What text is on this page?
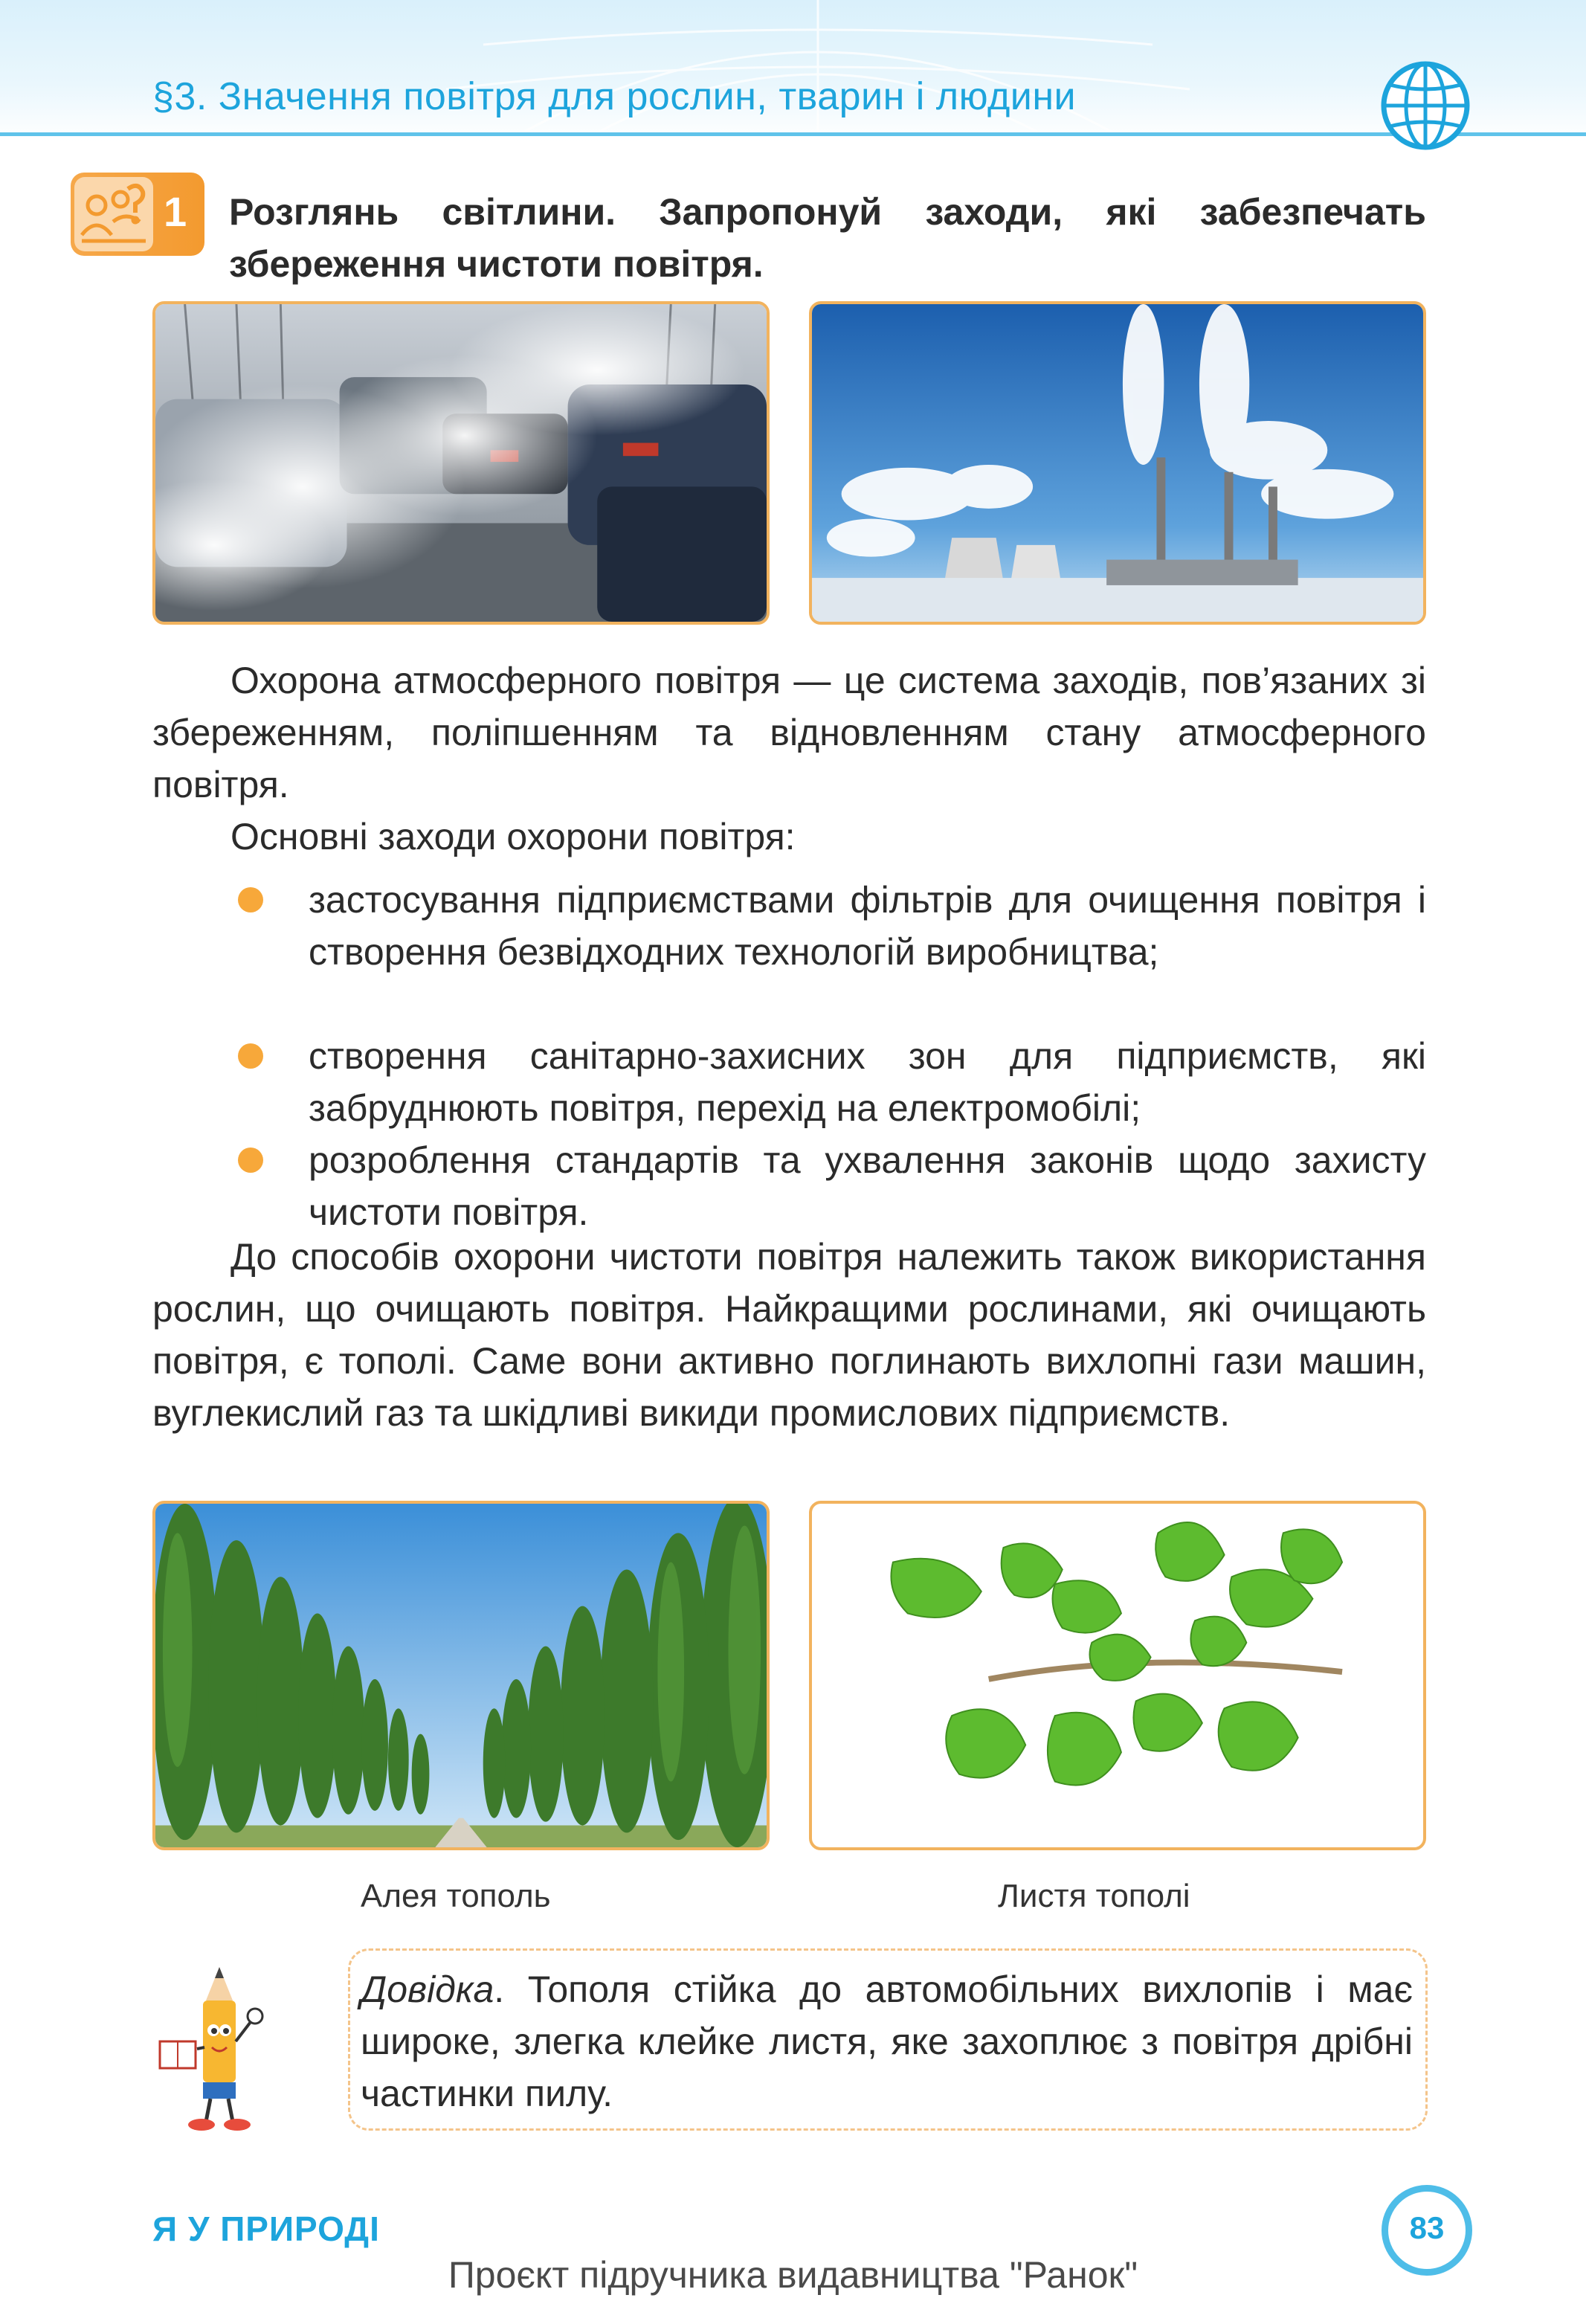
§3. Значення повітря для рослин, тварин і людини
1 Розглянь світлини. Запропонуй заходи, які забезпечать збереження чистоти повітря.
Охорона атмосферного повітря — це система заходів, пов’язаних зі збереженням, поліпшенням та відновленням стану атмосферного повітря.
Основні заходи охорони повітря:
застосування підприємствами фільтрів для очищення повітря і створення безвідходних технологій виробництва;
створення санітарно-захисних зон для підприємств, які забруднюють повітря, перехід на електромобілі;
розроблення стандартів та ухвалення законів щодо захисту чистоти повітря.
До способів охорони чистоти повітря належить також використання рослин, що очищають повітря. Найкращими рослинами, які очищають повітря, є тополі. Саме вони активно поглинають вихлопні гази машин, вуглекислий газ та шкідливі викиди промислових підприємств.
Алея тополь	Листя тополі
Довідка. Тополя стійка до автомобільних вихлопів і має широке, злегка клейке листя, яке захоплює з повітря дрібні частинки пилу.
Я У ПРИРОДІ	83
Проєкт підручника видавництва "Ранок"
